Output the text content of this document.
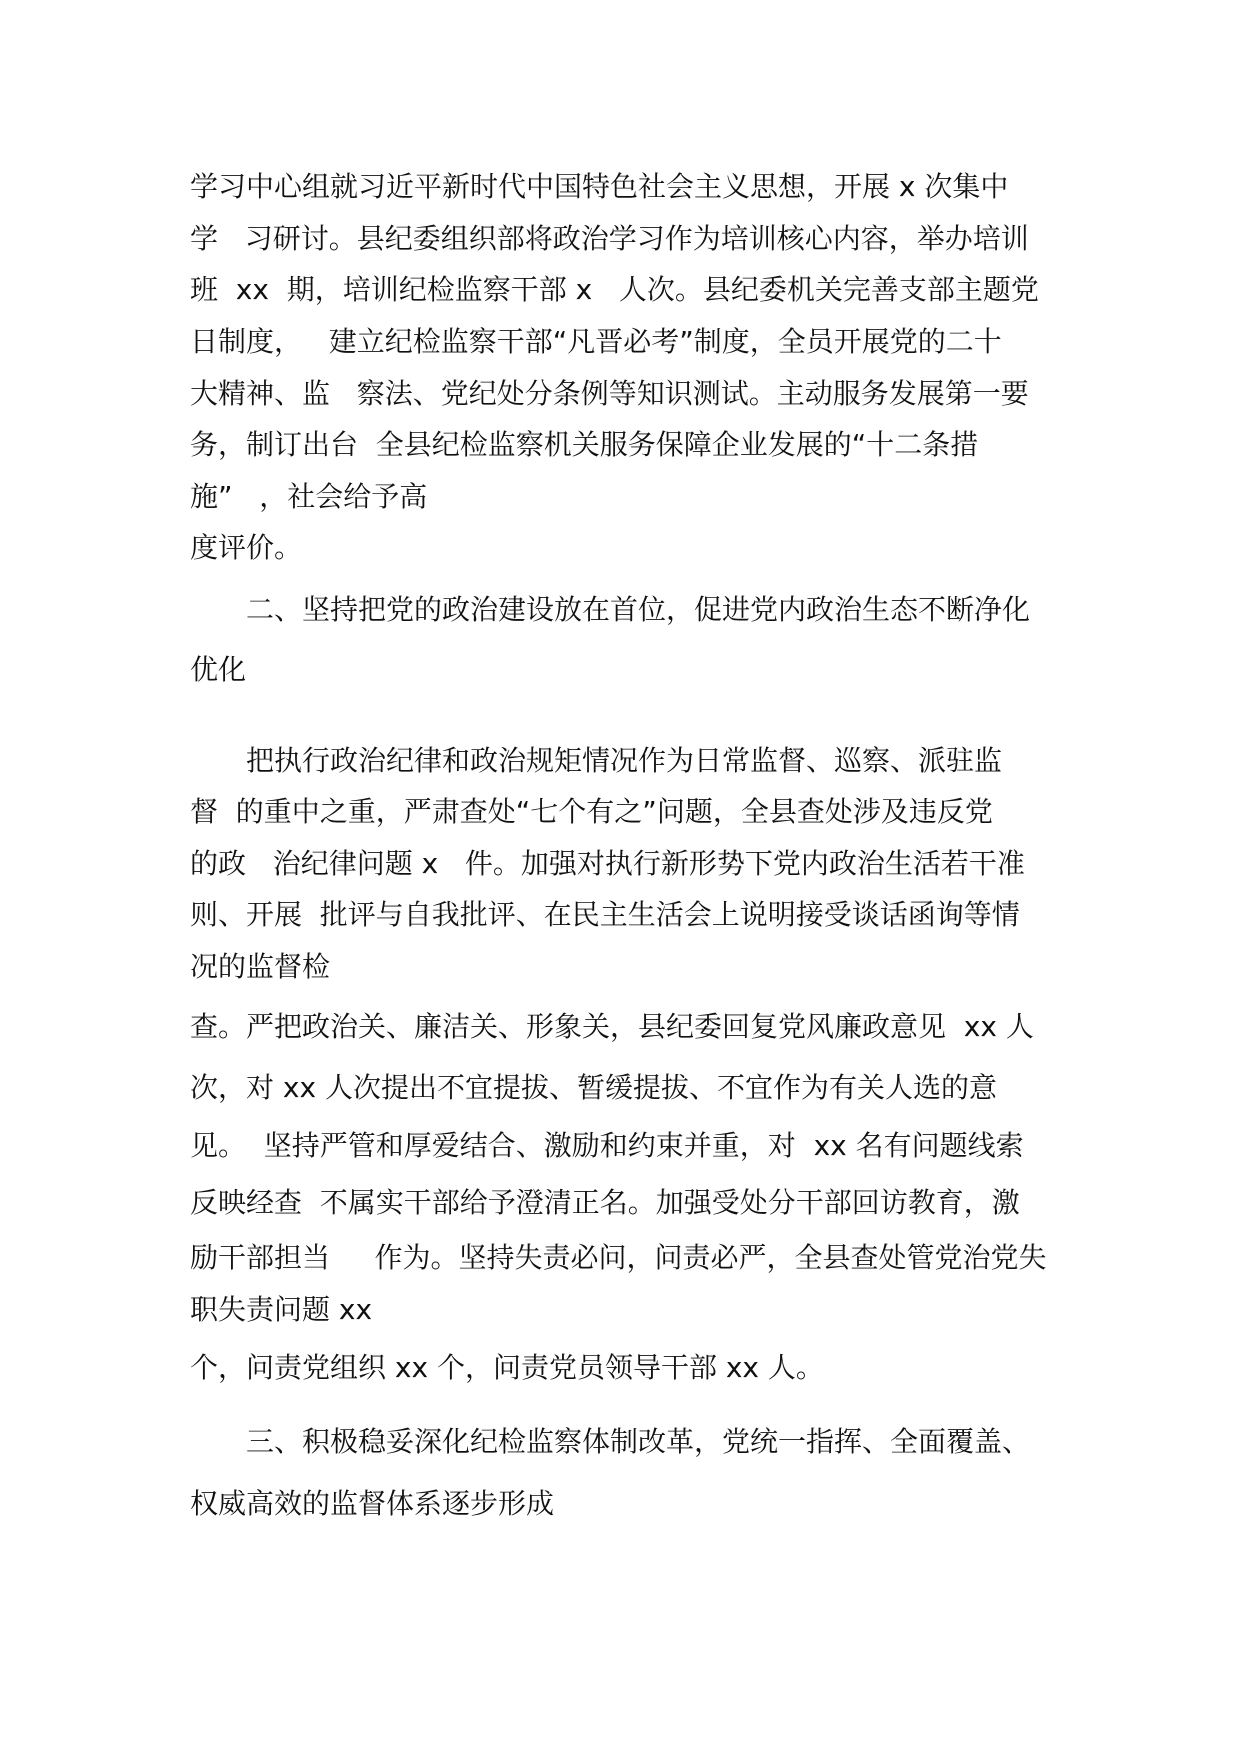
学习中心组就习近平新时代中国特色社会主义思想，开展 x 次集中

学   习研讨。县纪委组织部将政治学习作为培训核心内容，举办培训

班  xx  期，培训纪检监察干部 x   人次。县纪委机关完善支部主题党

日制度，   建立纪检监察干部“凡晋必考”制度，全员开展党的二十

大精神、监   察法、党纪处分条例等知识测试。主动服务发展第一要

务，制订出台  全县纪检监察机关服务保障企业发展的“十二条措

施”   ，社会给予高

度评价。

二、坚持把党的政治建设放在首位，促进党内政治生态不断净化

优化

把执行政治纪律和政治规矩情况作为日常监督、巡察、派驻监

督  的重中之重，严肃查处“七个有之”问题，全县查处涉及违反党

的政   治纪律问题 x   件。加强对执行新形势下党内政治生活若干准

则、开展  批评与自我批评、在民主生活会上说明接受谈话函询等情

况的监督检

查。严把政治关、廉洁关、形象关，县纪委回复党风廉政意见  xx 人

次，对 xx 人次提出不宜提拔、暂缓提拔、不宜作为有关人选的意

见。  坚持严管和厚爱结合、激励和约束并重，对  xx 名有问题线索

反映经查  不属实干部给予澄清正名。加强受处分干部回访教育，激

励干部担当     作为。坚持失责必问，问责必严，全县查处管党治党失

职失责问题 xx

个，问责党组织 xx 个，问责党员领导干部 xx 人。

三、积极稳妥深化纪检监察体制改革，党统一指挥、全面覆盖、

权威高效的监督体系逐步形成
